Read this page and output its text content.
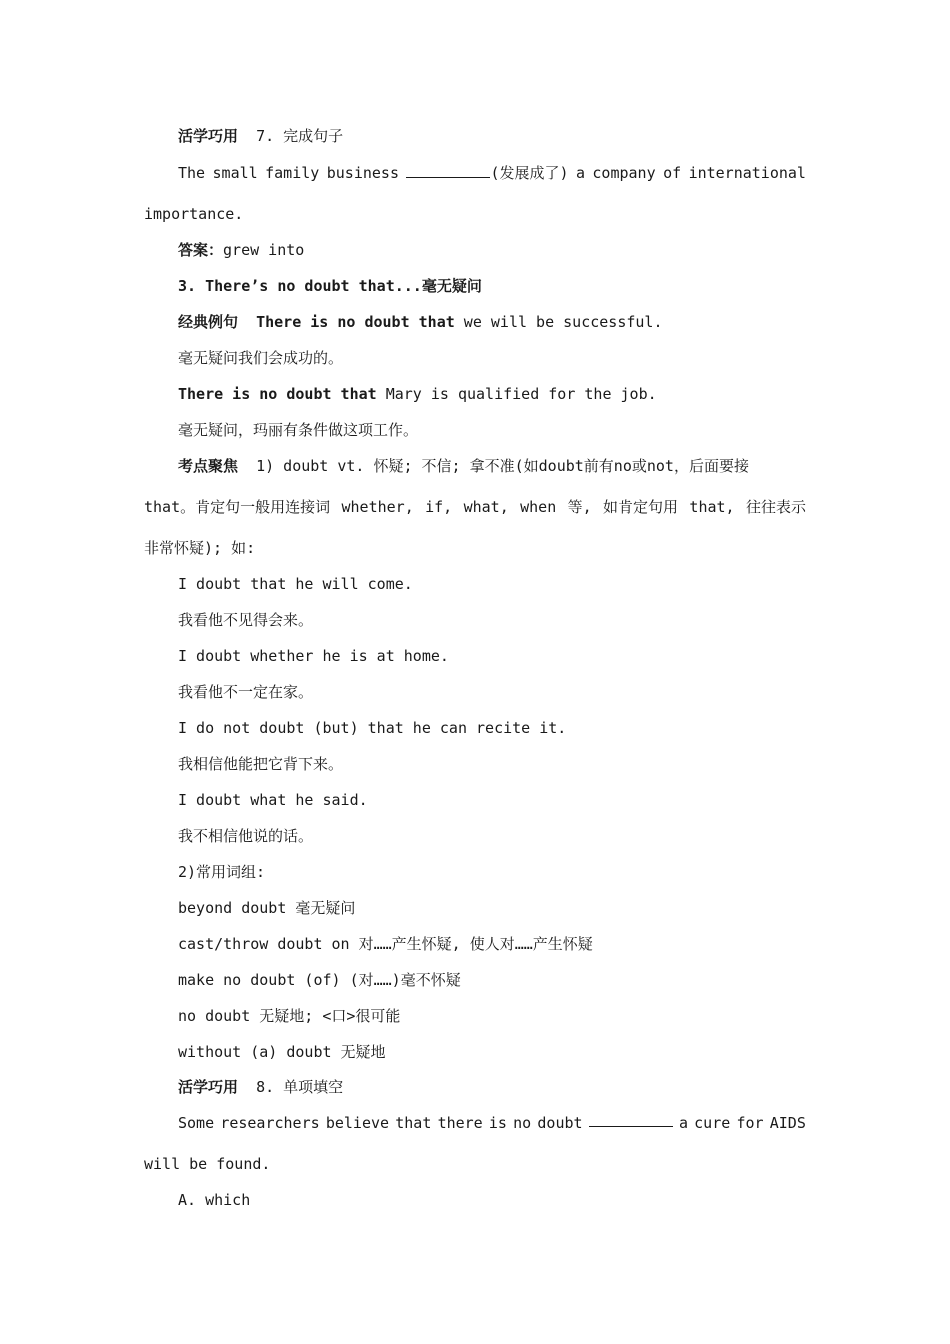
活学巧用  7. 完成句子
The small family business	(发展成了) a company of international
importance.
答案：grew into
3. There’s no doubt that...毫无疑问
经典例句 There is no doubt that we will be successful.
毫无疑问我们会成功的。
There is no doubt that Mary is qualified for the job.
毫无疑问，玛丽有条件做这项工作。
考点聚焦  1) doubt vt. 怀疑; 不信; 拿不准(如doubt前有no或not，后面要接
that。肯定句一般用连接词 whether, if, what, when 等, 如肯定句用 that, 往往表示
非常怀疑); 如:
I doubt that he will come.
我看他不见得会来。
I doubt whether he is at home.
我看他不一定在家。
I do not doubt (but) that he can recite it.
我相信他能把它背下来。
I doubt what he said.
我不相信他说的话。
2)常用词组:
beyond doubt 毫无疑问
cast/throw doubt on 对……产生怀疑, 使人对……产生怀疑
make no doubt (of) (对……)毫不怀疑
no doubt 无疑地; <口>很可能
without (a) doubt 无疑地
活学巧用  8. 单项填空
Some researchers believe that there is no doubt	a cure for AIDS
will be found.
A. which
